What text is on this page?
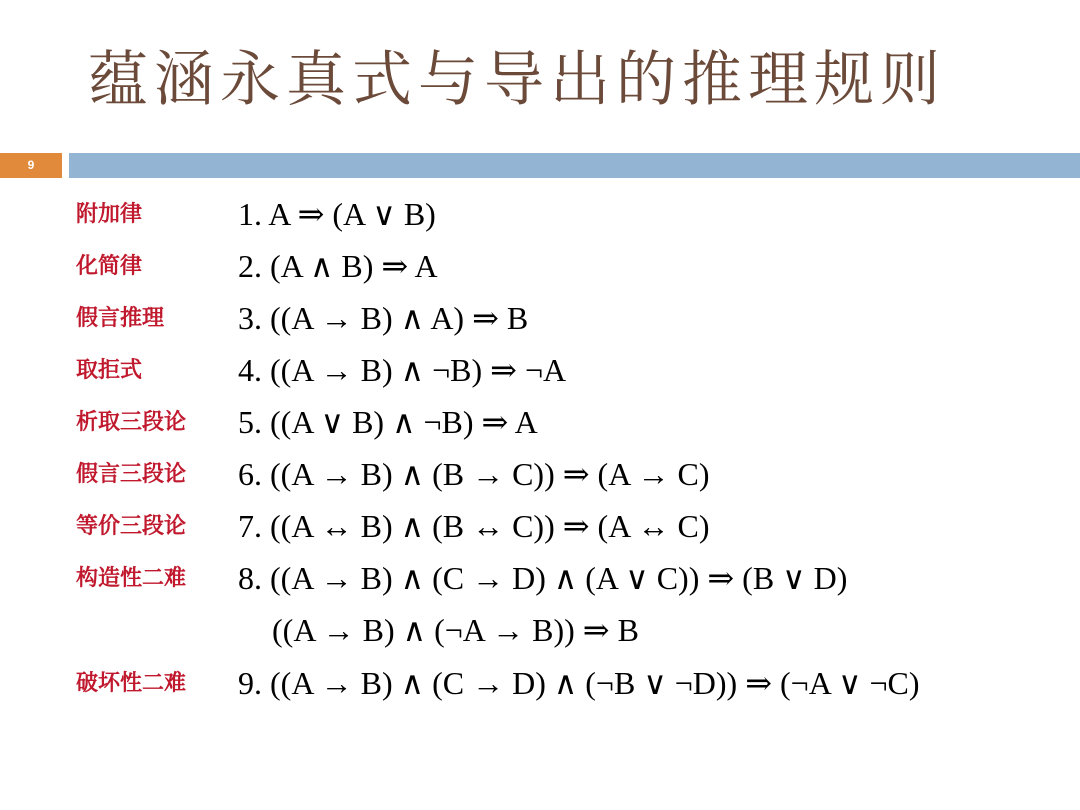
蕴涵永真式与导出的推理规则
9
附加律	1. A ⇒ (A ∨ B)
化简律	2. (A ∧ B) ⇒ A
假言推理 3. ((A → B) ∧ A) ⇒ B
取拒式	4. ((A → B) ∧ ¬B) ⇒ ¬A
析取三段论 5. ((A ∨ B) ∧ ¬B) ⇒ A
假言三段论 6. ((A → B) ∧ (B → C)) ⇒ (A → C)
等价三段论 7. ((A ↔ B) ∧ (B ↔ C)) ⇒ (A ↔ C)
构造性二难 8. ((A → B) ∧ (C → D) ∧ (A ∨ C)) ⇒ (B ∨ D)
((A → B) ∧ (¬A → B)) ⇒ B
破坏性二难 9. ((A → B) ∧ (C → D) ∧ (¬B ∨ ¬D)) ⇒ (¬A ∨ ¬C)
